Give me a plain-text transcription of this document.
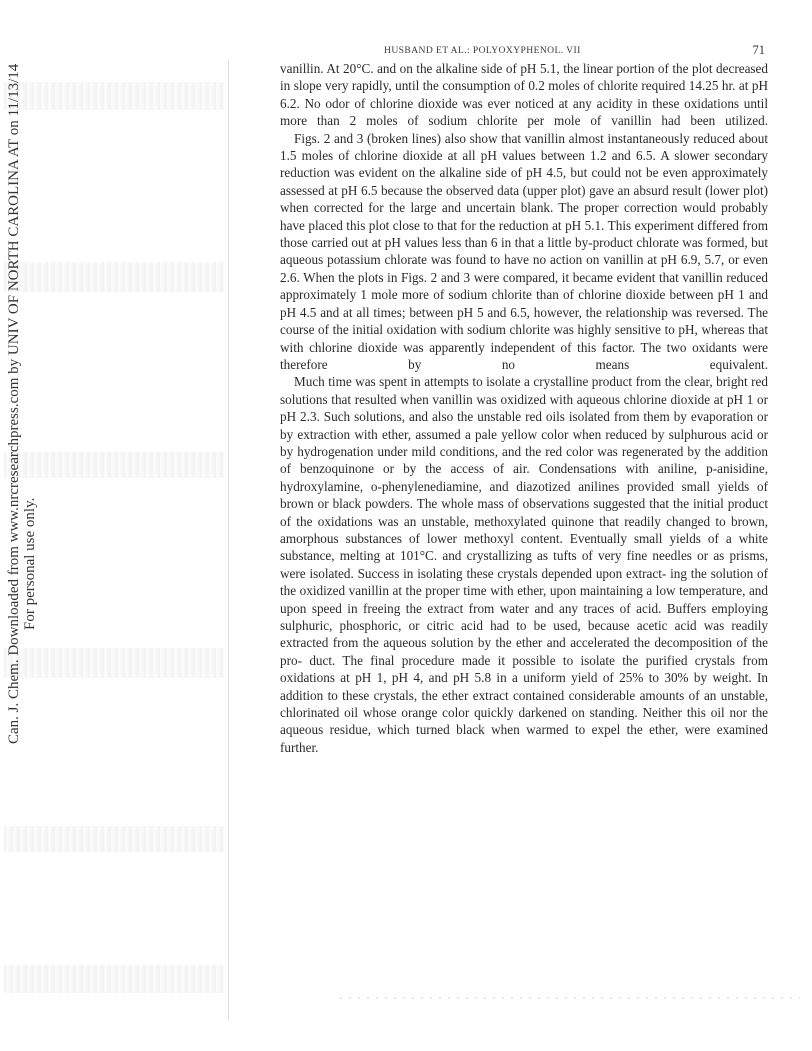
Can. J. Chem. Downloaded from www.nrcresearchpress.com by UNIV OF NORTH CAROLINA AT on 11/13/14 For personal use only.
HUSBAND ET AL.: POLYOXYPHENOL. VII	71

vanillin. At 20°C. and on the alkaline side of pH 5.1, the linear portion of the plot decreased in slope very rapidly, until the consumption of 0.2 moles of chlorite required 14.25 hr. at pH 6.2. No odor of chlorine dioxide was ever noticed at any acidity in these oxidations until more than 2 moles of sodium chlorite per mole of vanillin had been utilized.

Figs. 2 and 3 (broken lines) also show that vanillin almost instantaneously reduced about 1.5 moles of chlorine dioxide at all pH values between 1.2 and 6.5. A slower secondary reduction was evident on the alkaline side of pH 4.5, but could not be even approximately assessed at pH 6.5 because the observed data (upper plot) gave an absurd result (lower plot) when corrected for the large and uncertain blank. The proper correction would probably have placed this plot close to that for the reduction at pH 5.1. This experiment differed from those carried out at pH values less than 6 in that a little by-product chlorate was formed, but aqueous potassium chlorate was found to have no action on vanillin at pH 6.9, 5.7, or even 2.6. When the plots in Figs. 2 and 3 were compared, it became evident that vanillin reduced approximately 1 mole more of sodium chlorite than of chlorine dioxide between pH 1 and pH 4.5 and at all times; between pH 5 and 6.5, however, the relationship was reversed. The course of the initial oxidation with sodium chlorite was highly sensitive to pH, whereas that with chlorine dioxide was apparently independent of this factor. The two oxidants were therefore by no means equivalent.

Much time was spent in attempts to isolate a crystalline product from the clear, bright red solutions that resulted when vanillin was oxidized with aqueous chlorine dioxide at pH 1 or pH 2.3. Such solutions, and also the unstable red oils isolated from them by evaporation or by extraction with ether, assumed a pale yellow color when reduced by sulphurous acid or by hydrogenation under mild conditions, and the red color was regenerated by the addition of benzoquinone or by the access of air. Condensations with aniline, p-anisidine, hydroxylamine, o-phenylenediamine, and diazotized anilines provided small yields of brown or black powders. The whole mass of observations suggested that the initial product of the oxidations was an unstable, methoxylated quinone that readily changed to brown, amorphous substances of lower methoxyl content. Eventually small yields of a white substance, melting at 101°C. and crystallizing as tufts of very fine needles or as prisms, were isolated. Success in isolating these crystals depended upon extract- ing the solution of the oxidized vanillin at the proper time with ether, upon maintaining a low temperature, and upon speed in freeing the extract from water and any traces of acid. Buffers employing sulphuric, phosphoric, or citric acid had to be used, because acetic acid was readily extracted from the aqueous solution by the ether and accelerated the decomposition of the pro- duct. The final procedure made it possible to isolate the purified crystals from oxidations at pH 1, pH 4, and pH 5.8 in a uniform yield of 25% to 30% by weight. In addition to these crystals, the ether extract contained considerable amounts of an unstable, chlorinated oil whose orange color quickly darkened on standing. Neither this oil nor the aqueous residue, which turned black when warmed to expel the ether, were examined further.
